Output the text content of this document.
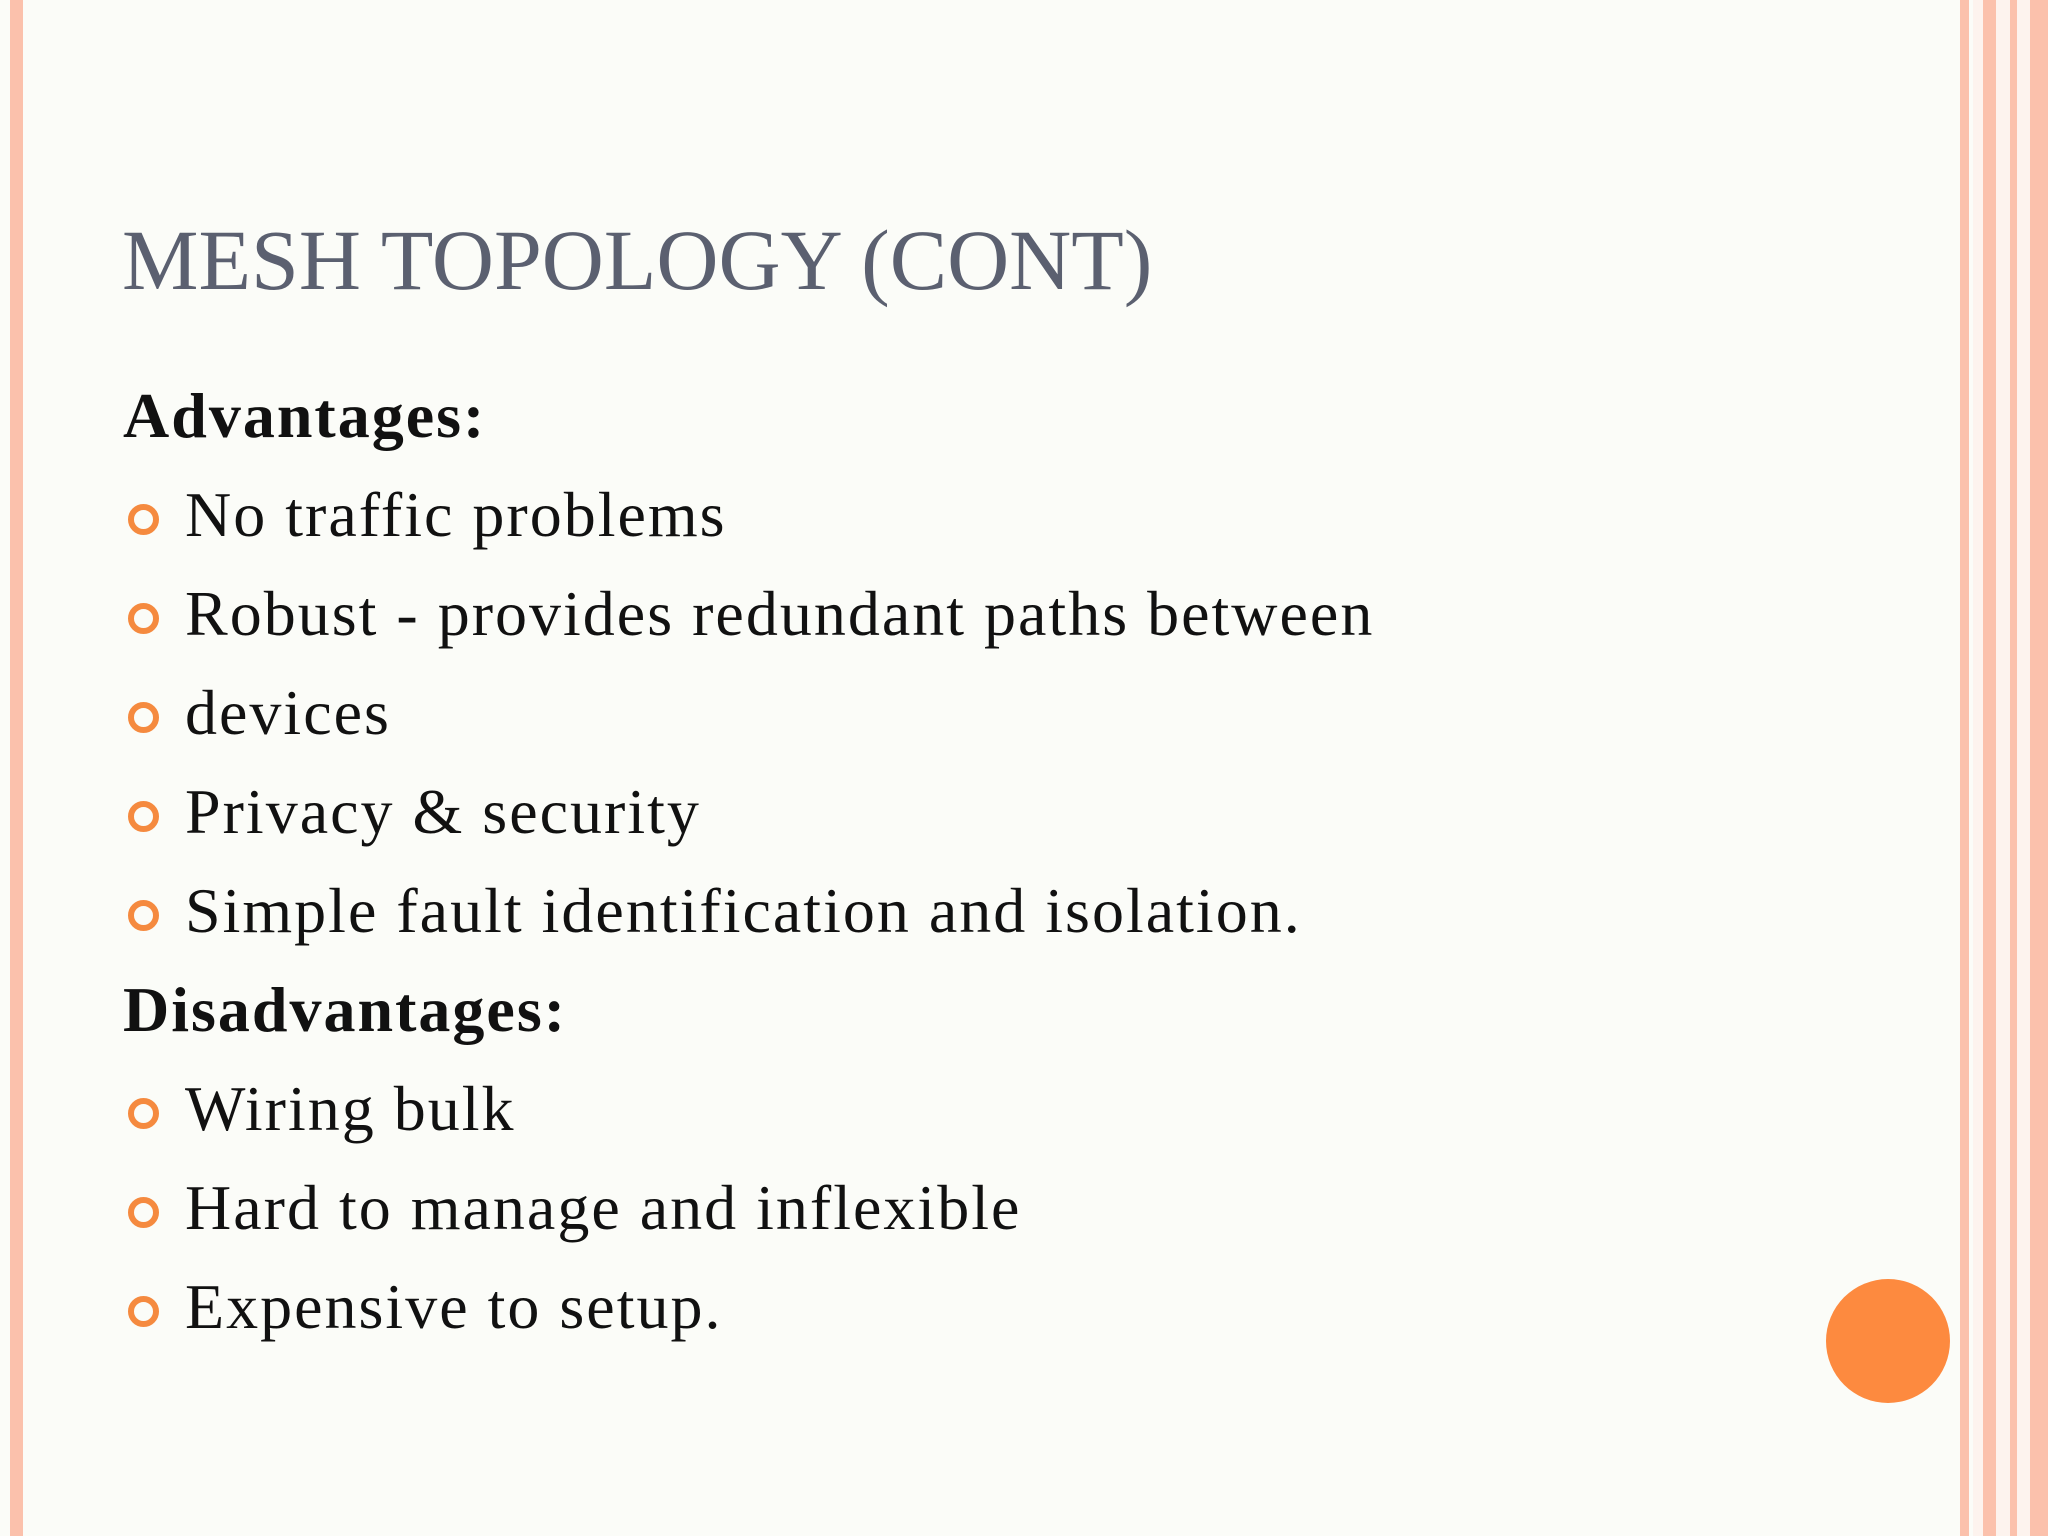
MESH TOPOLOGY (CONT)
Advantages:
No traffic problems
Robust - provides redundant paths between
devices
Privacy & security
Simple fault identification and isolation.
Disadvantages:
Wiring bulk
Hard to manage and inflexible
Expensive to setup.
